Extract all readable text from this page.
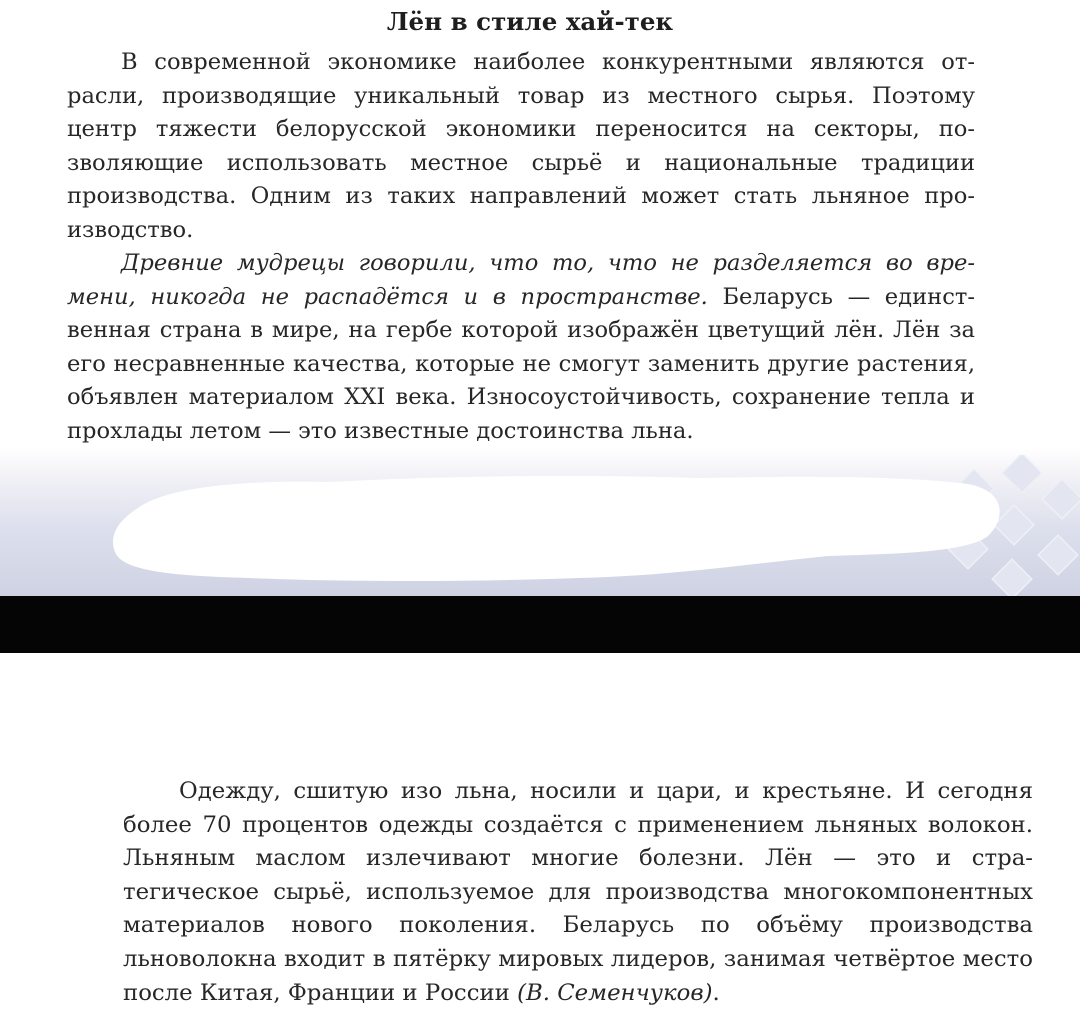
Лён в стиле хай-тек

В современной экономике наиболее конкурентными являются отрасли, производящие уникальный товар из местного сырья. Поэтому центр тяжести белорусской экономики переносится на секторы, позволяющие использовать местное сырьё и национальные традиции производства. Одним из таких направлений может стать льняное производство.

Древние мудрецы говорили, что то, что не разделяется во времени, никогда не распадётся и в пространстве. Беларусь — единственная страна в мире, на гербе которой изображён цветущий лён. Лён за его несравненные качества, которые не смогут заменить другие растения, объявлен материалом XXI века. Износоустойчивость, сохранение тепла и прохлады летом — это известные достоинства льна.

Одежду, сшитую изо льна, носили и цари, и крестьяне. И сегодня более 70 процентов одежды создаётся с применением льняных волокон. Льняным маслом излечивают многие болезни. Лён — это и стратегическое сырьё, используемое для производства многокомпонентных материалов нового поколения. Беларусь по объёму производства льноволокна входит в пятёрку мировых лидеров, занимая четвёртое место после Китая, Франции и России (В. Семенчуков).
